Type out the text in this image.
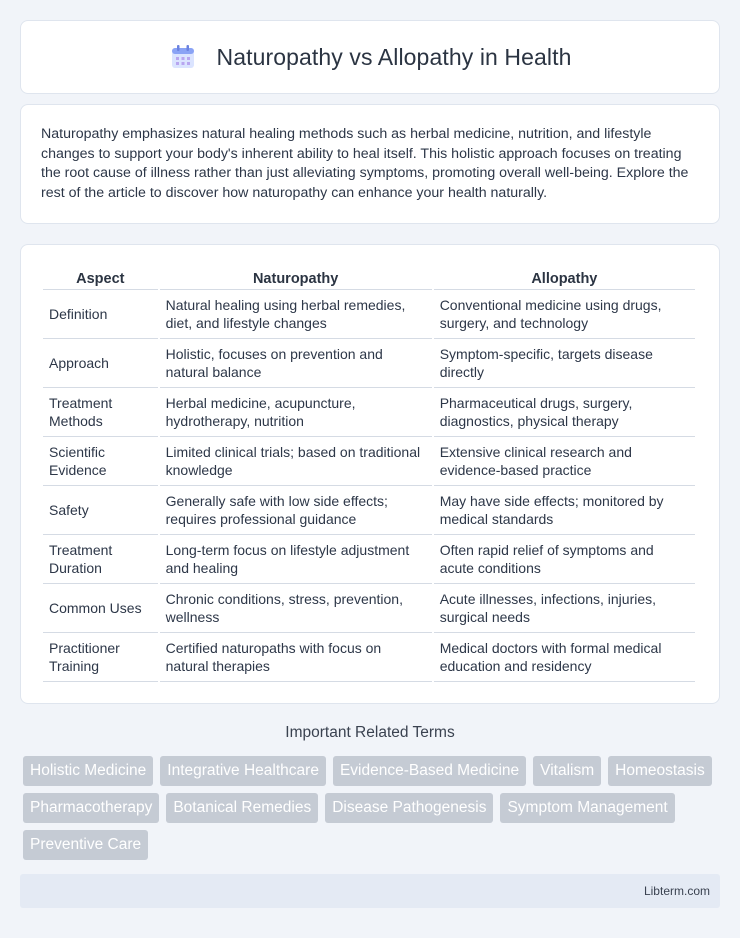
Naturopathy vs Allopathy in Health

Naturopathy emphasizes natural healing methods such as herbal medicine, nutrition, and lifestyle changes to support your body's inherent ability to heal itself. This holistic approach focuses on treating the root cause of illness rather than just alleviating symptoms, promoting overall well-being. Explore the rest of the article to discover how naturopathy can enhance your health naturally.

Aspect	Naturopathy	Allopathy
Definition	Natural healing using herbal remedies, diet, and lifestyle changes	Conventional medicine using drugs, surgery, and technology
Approach	Holistic, focuses on prevention and natural balance	Symptom-specific, targets disease directly
Treatment Methods	Herbal medicine, acupuncture, hydrotherapy, nutrition	Pharmaceutical drugs, surgery, diagnostics, physical therapy
Scientific Evidence	Limited clinical trials; based on traditional knowledge	Extensive clinical research and evidence-based practice
Safety	Generally safe with low side effects; requires professional guidance	May have side effects; monitored by medical standards
Treatment Duration	Long-term focus on lifestyle adjustment and healing	Often rapid relief of symptoms and acute conditions
Common Uses	Chronic conditions, stress, prevention, wellness	Acute illnesses, infections, injuries, surgical needs
Practitioner Training	Certified naturopaths with focus on natural therapies	Medical doctors with formal medical education and residency
Important Related Terms
Holistic Medicine	Integrative Healthcare	Evidence-Based Medicine	Vitalism	Homeostasis
Pharmacotherapy	Botanical Remedies	Disease Pathogenesis	Symptom Management
Preventive Care
Libterm.com
